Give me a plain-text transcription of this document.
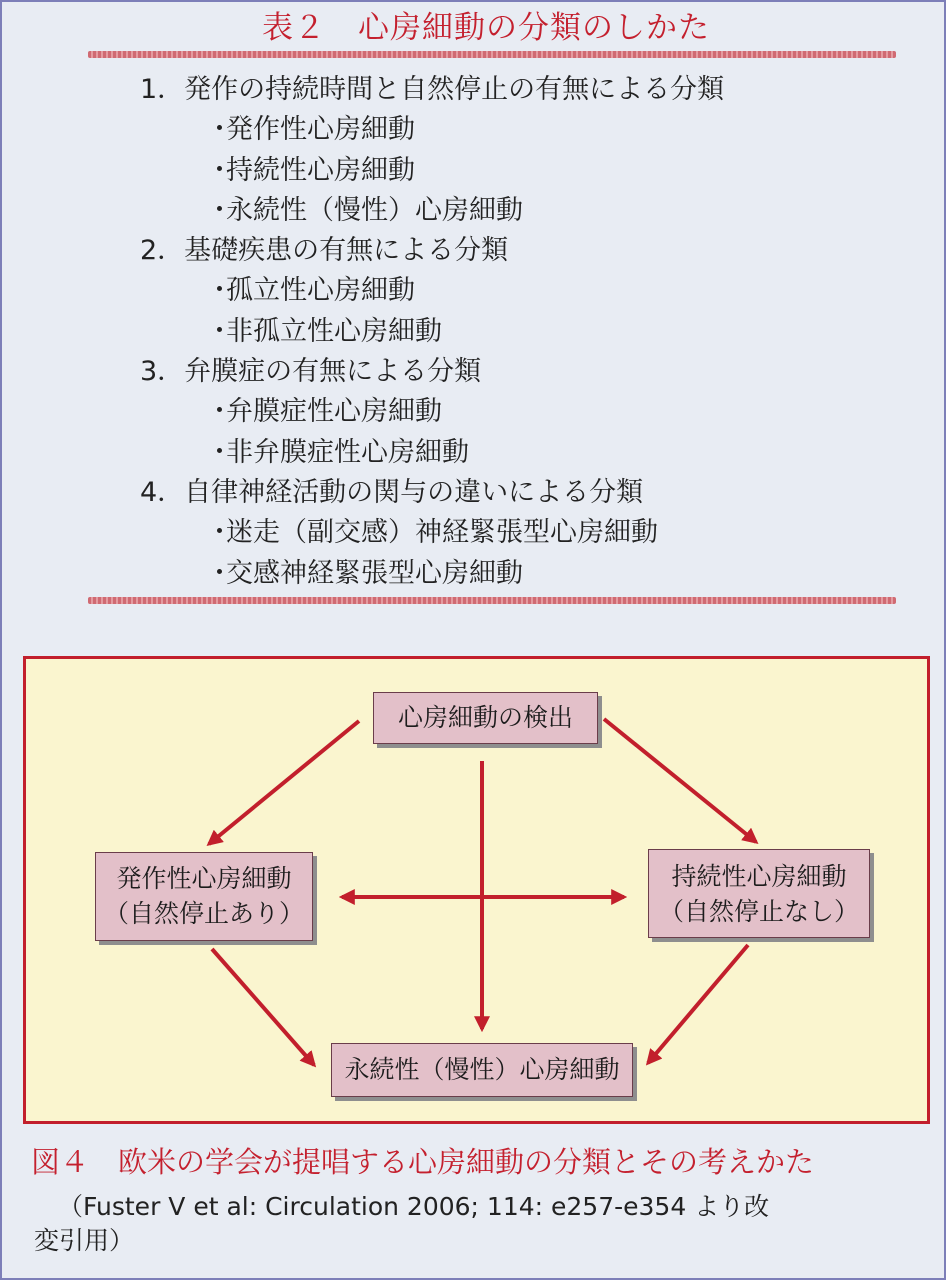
表２　心房細動の分類のしかた
1．発作の持続時間と自然停止の有無による分類
・発作性心房細動
・持続性心房細動
・永続性（慢性）心房細動
2．基礎疾患の有無による分類
・孤立性心房細動
・非孤立性心房細動
3．弁膜症の有無による分類
・弁膜症性心房細動
・非弁膜症性心房細動
4．自律神経活動の関与の違いによる分類
・迷走（副交感）神経緊張型心房細動
・交感神経緊張型心房細動
心房細動の検出
発作性心房細動
（自然停止あり）
持続性心房細動
（自然停止なし）
永続性（慢性）心房細動
図４　欧米の学会が提唱する心房細動の分類とその考えかた
（Fuster V et al: Circulation 2006; 114: e257-e354 より改
変引用）
